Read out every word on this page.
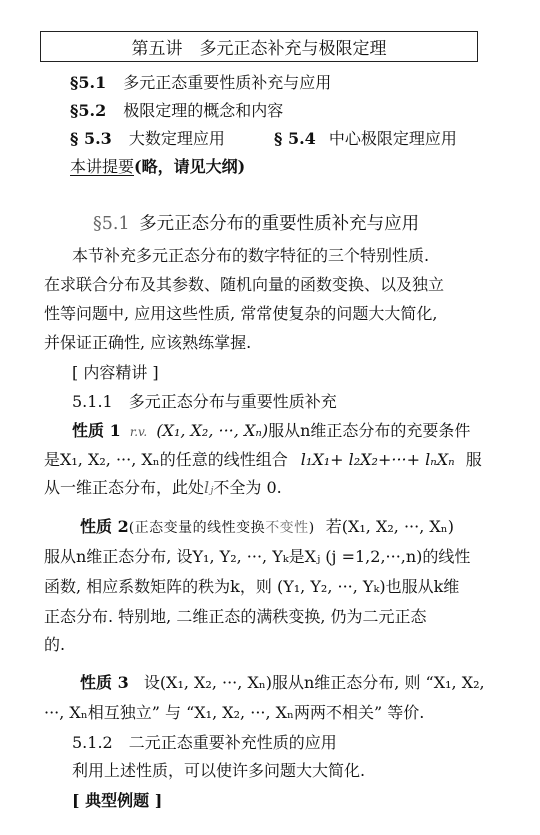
第五讲　多元正态补充与极限定理
§5.1 多元正态重要性质补充与应用
§5.2 极限定理的概念和内容
§ 5.3 大数定理应用	§ 5.4 中心极限定理应用
本讲提要(略，请见大纲)
§5.1 多元正态分布的重要性质补充与应用
本节补充多元正态分布的数字特征的三个特别性质.
在求联合分布及其参数、随机向量的函数变换、以及独立
性等问题中, 应用这些性质, 常常使复杂的问题大大简化,
并保证正确性, 应该熟练掌握.
[ 内容精讲 ]
5.1.1　多元正态分布与重要性质补充
性质 1 r.v. (X₁, X₂, ···, Xₙ)服从n维正态分布的充要条件
是X₁, X₂, ···, Xₙ的任意的线性组合 l₁X₁+ l₂X₂+···+ lₙXₙ 服
从一维正态分布，此处lⱼ不全为 0.
性质 2(正态变量的线性变换不变性) 若(X₁, X₂, ···, Xₙ)
服从n维正态分布, 设Y₁, Y₂, ···, Yₖ是Xⱼ (j =1,2,···,n)的线性
函数, 相应系数矩阵的秩为k，则 (Y₁, Y₂, ···, Yₖ)也服从k维
正态分布. 特别地, 二维正态的满秩变换, 仍为二元正态
的.
性质 3 设(X₁, X₂, ···, Xₙ)服从n维正态分布, 则 “X₁, X₂,
···, Xₙ相互独立” 与 “X₁, X₂, ···, Xₙ两两不相关” 等价.
5.1.2　二元正态重要补充性质的应用
利用上述性质，可以使许多问题大大简化.
[ 典型例题 ]
